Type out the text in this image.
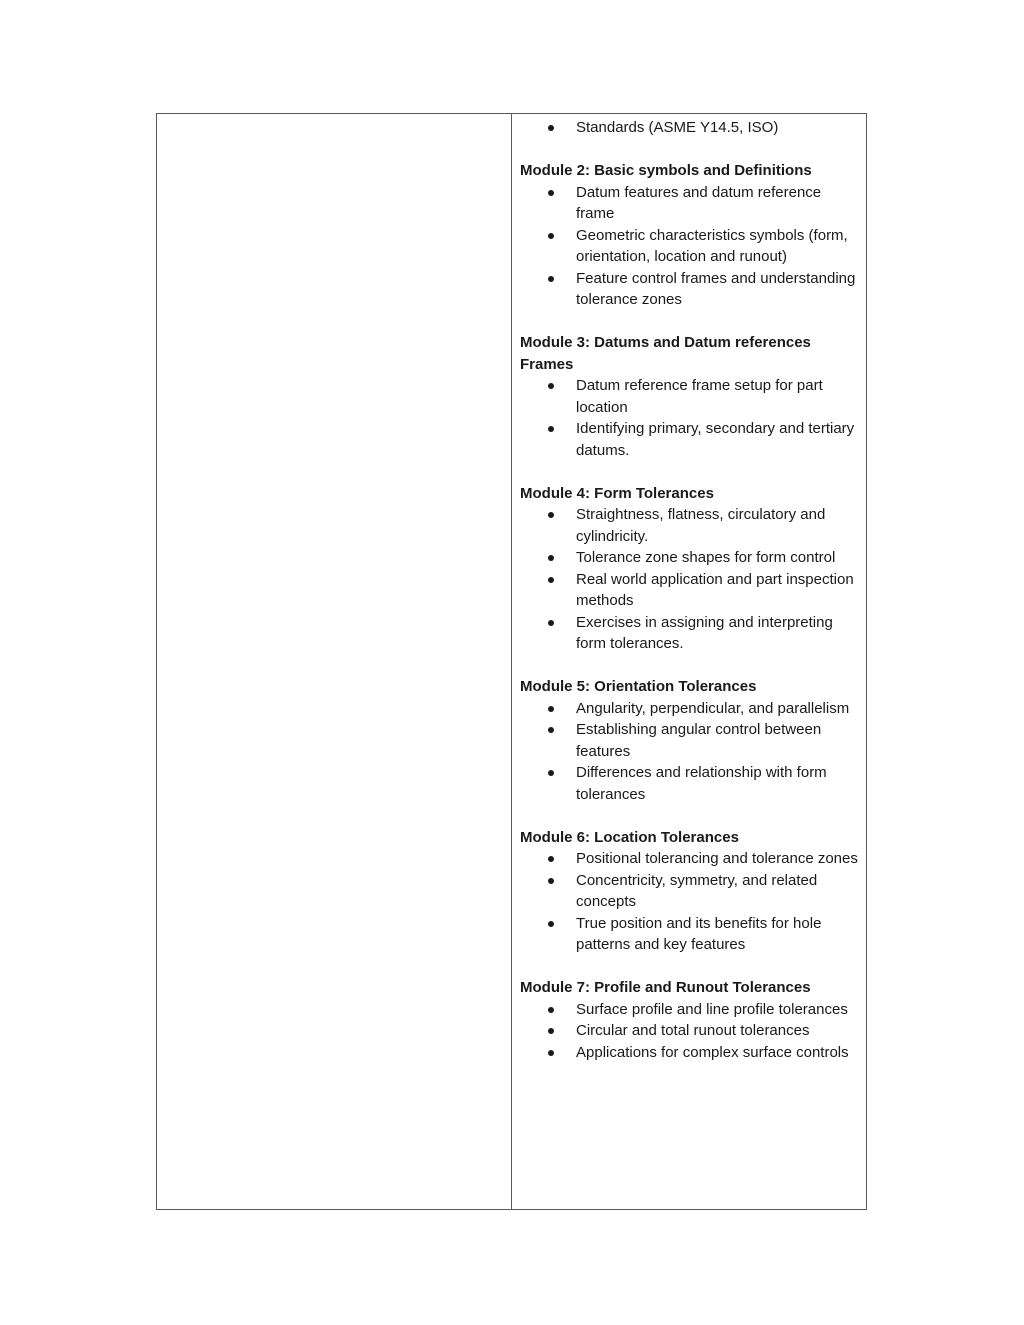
Standards (ASME Y14.5, ISO)

Module 2: Basic symbols and Definitions

Datum features and datum reference frame
Geometric characteristics symbols (form, orientation, location and runout)
Feature control frames and understanding tolerance zones

Module 3: Datums and Datum references Frames

Datum reference frame setup for part location
Identifying primary, secondary and tertiary datums.

Module 4: Form Tolerances

Straightness, flatness, circulatory and cylindricity.
Tolerance zone shapes for form control
Real world application and part inspection methods
Exercises in assigning and interpreting form tolerances.

Module 5: Orientation Tolerances

Angularity, perpendicular, and parallelism
Establishing angular control between features
Differences and relationship with form tolerances

Module 6: Location Tolerances

Positional tolerancing and tolerance zones
Concentricity, symmetry, and related concepts
True position and its benefits for hole patterns and key features

Module 7: Profile and Runout Tolerances

Surface profile and line profile tolerances
Circular and total runout tolerances
Applications for complex surface controls
